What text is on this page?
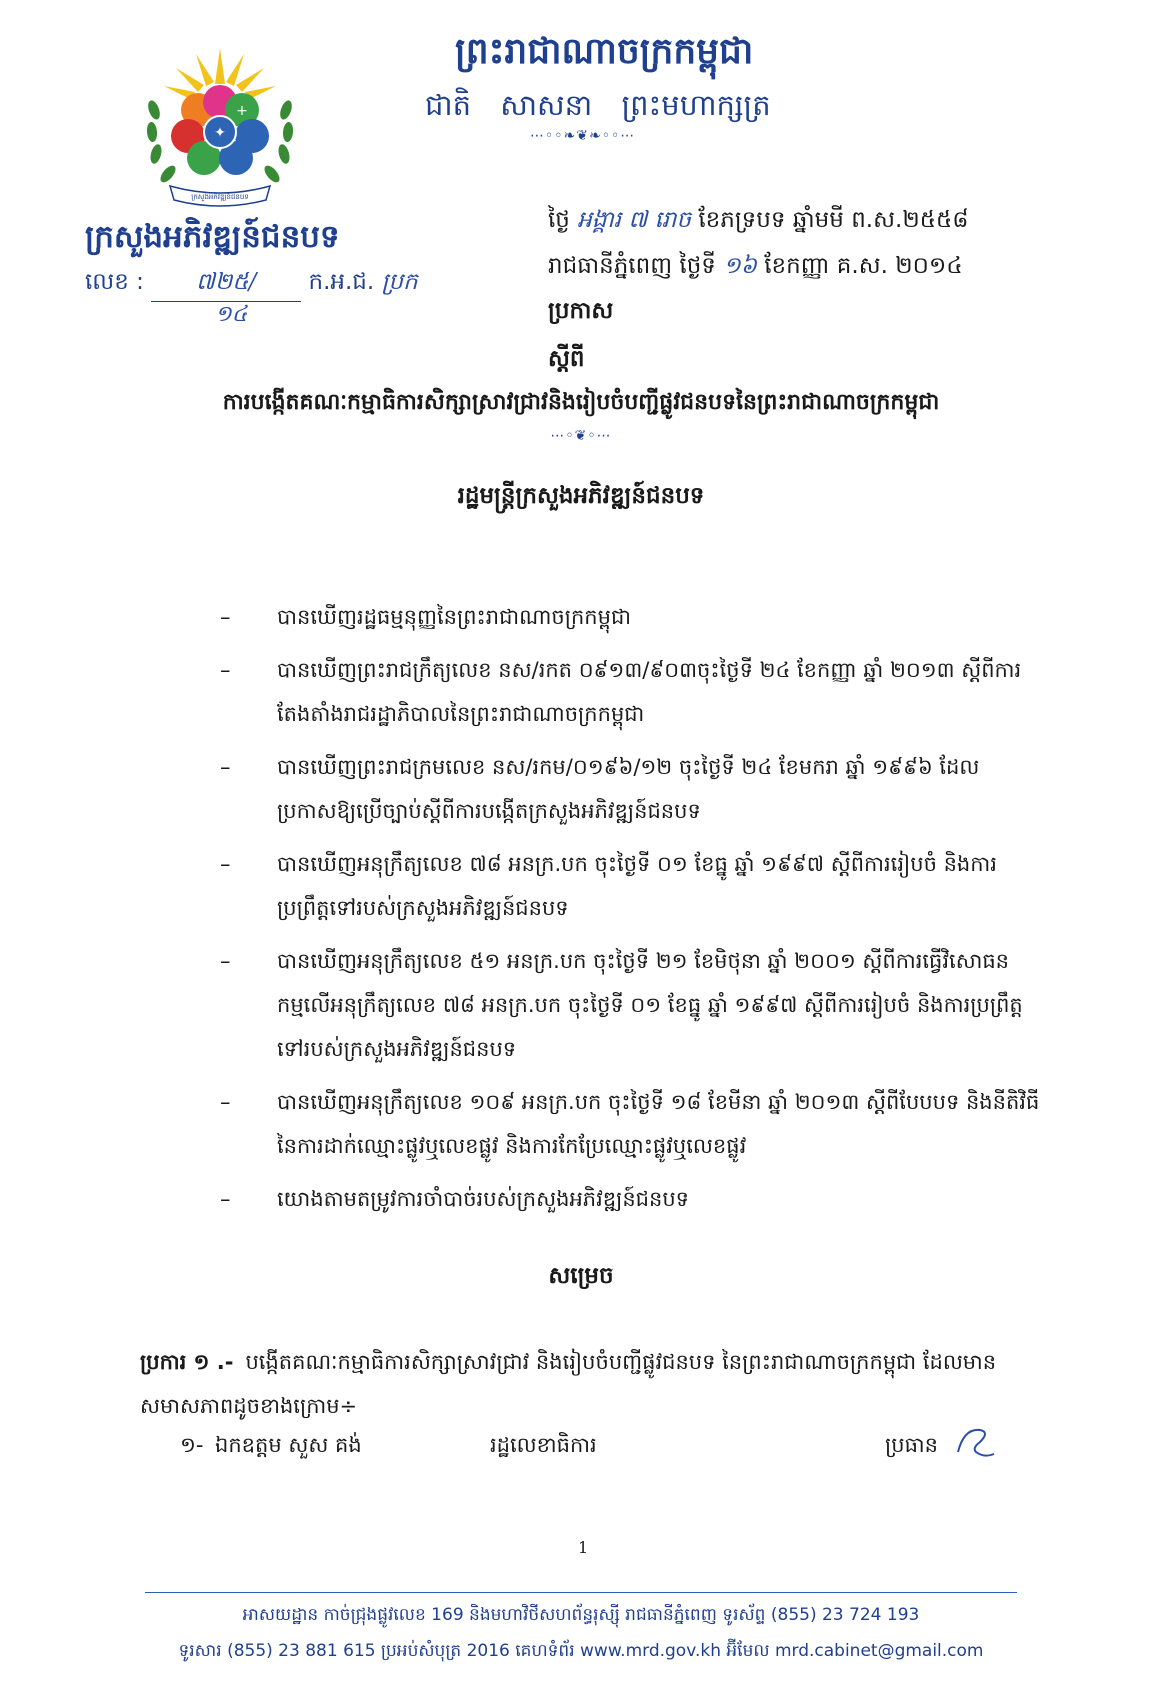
ព្រះរាជាណាចក្រកម្ពុជា
ជាតិ សាសនា ព្រះមហាក្សត្រ
⋯◦◦❧❦❧◦◦⋯
✦
+
ក្រសួងអភិវឌ្ឍន៍ជនបទ
ក្រសួងអភិវឌ្ឍន៍ជនបទ
លេខ : ៧២៥/ ក.អ.ជ. ប្រក
១៤
ថ្ងៃ អង្គារ ៧ រោច ខែភទ្របទ ឆ្នាំមមី ព.ស.២៥៥៨
រាជធានីភ្នំពេញ ថ្ងៃទី ១៦ ខែកញ្ញា គ.ស. ២០១៤
ប្រកាស
ស្តីពី
ការបង្កើតគណៈកម្មាធិការសិក្សាស្រាវជ្រាវនិងរៀបចំបញ្ជីផ្លូវជនបទនៃព្រះរាជាណាចក្រកម្ពុជា
⋯◦❦◦⋯
រដ្ឋមន្ត្រីក្រសួងអភិវឌ្ឍន៍ជនបទ
– បានឃើញរដ្ឋធម្មនុញ្ញនៃព្រះរាជាណាចក្រកម្ពុជា
– បានឃើញព្រះរាជក្រឹត្យលេខ នស/រកត ០៩១៣/៩០៣ចុះថ្ងៃទី ២៤ ខែកញ្ញា ឆ្នាំ ២០១៣ ស្តីពីការតែងតាំងរាជរដ្ឋាភិបាលនៃព្រះរាជាណាចក្រកម្ពុជា
– បានឃើញព្រះរាជក្រមលេខ នស/រកម/០១៩៦/១២ ចុះថ្ងៃទី ២៤ ខែមករា ឆ្នាំ ១៩៩៦ ដែលប្រកាសឱ្យប្រើច្បាប់ស្តីពីការបង្កើតក្រសួងអភិវឌ្ឍន៍ជនបទ
– បានឃើញអនុក្រឹត្យលេខ ៧៨ អនក្រ.បក ចុះថ្ងៃទី ០១ ខែធ្នូ ឆ្នាំ ១៩៩៧ ស្តីពីការរៀបចំ និងការប្រព្រឹត្តទៅរបស់ក្រសួងអភិវឌ្ឍន៍ជនបទ
– បានឃើញអនុក្រឹត្យលេខ ៥១ អនក្រ.បក ចុះថ្ងៃទី ២១ ខែមិថុនា ឆ្នាំ ២០០១ ស្តីពីការធ្វើវិសោធនកម្មលើអនុក្រឹត្យលេខ ៧៨ អនក្រ.បក ចុះថ្ងៃទី ០១ ខែធ្នូ ឆ្នាំ ១៩៩៧ ស្តីពីការរៀបចំ និងការប្រព្រឹត្តទៅរបស់ក្រសួងអភិវឌ្ឍន៍ជនបទ
– បានឃើញអនុក្រឹត្យលេខ ១០៩ អនក្រ.បក ចុះថ្ងៃទី ១៨ ខែមីនា ឆ្នាំ ២០១៣ ស្តីពីបែបបទ និងនីតិវិធីនៃការដាក់ឈ្មោះផ្លូវឬលេខផ្លូវ និងការកែប្រែឈ្មោះផ្លូវឬលេខផ្លូវ
– យោងតាមតម្រូវការចាំបាច់របស់ក្រសួងអភិវឌ្ឍន៍ជនបទ
សម្រេច
ប្រការ ១ .- បង្កើតគណៈកម្មាធិការសិក្សាស្រាវជ្រាវ និងរៀបចំបញ្ជីផ្លូវជនបទ នៃព្រះរាជាណាចក្រកម្ពុជា ដែលមានសមាសភាពដូចខាងក្រោម÷
១- ឯកឧត្តម សួស គង់	រដ្ឋលេខាធិការ	ប្រធាន
1
អាសយដ្ឋាន កាច់ជ្រុងផ្លូវលេខ 169 និងមហាវិថីសហព័ន្ធរុស្ស៊ី រាជធានីភ្នំពេញ ទូរស័ព្ទ (855) 23 724 193
ទូរសារ (855) 23 881 615 ប្រអប់សំបុត្រ 2016 គេហទំព័រ www.mrd.gov.kh អ៊ីមែល mrd.cabinet@gmail.com
